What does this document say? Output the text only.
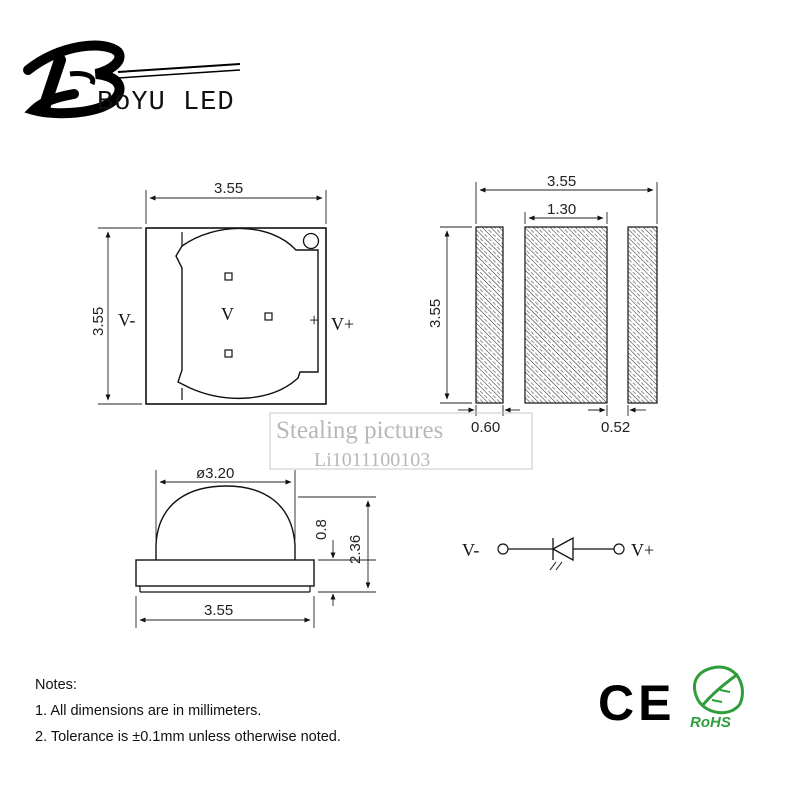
BoYU LED
V	+
V-	V+
3.55
3.55
3.55
1.30
3.55
0.60	0.52
Stealing pictures
Li1011100103
ø3.20
0.8
2.36
3.55
V-	V+
CE RoHS
Notes:
1. All dimensions are in millimeters.
2. Tolerance is ±0.1mm unless otherwise noted.
